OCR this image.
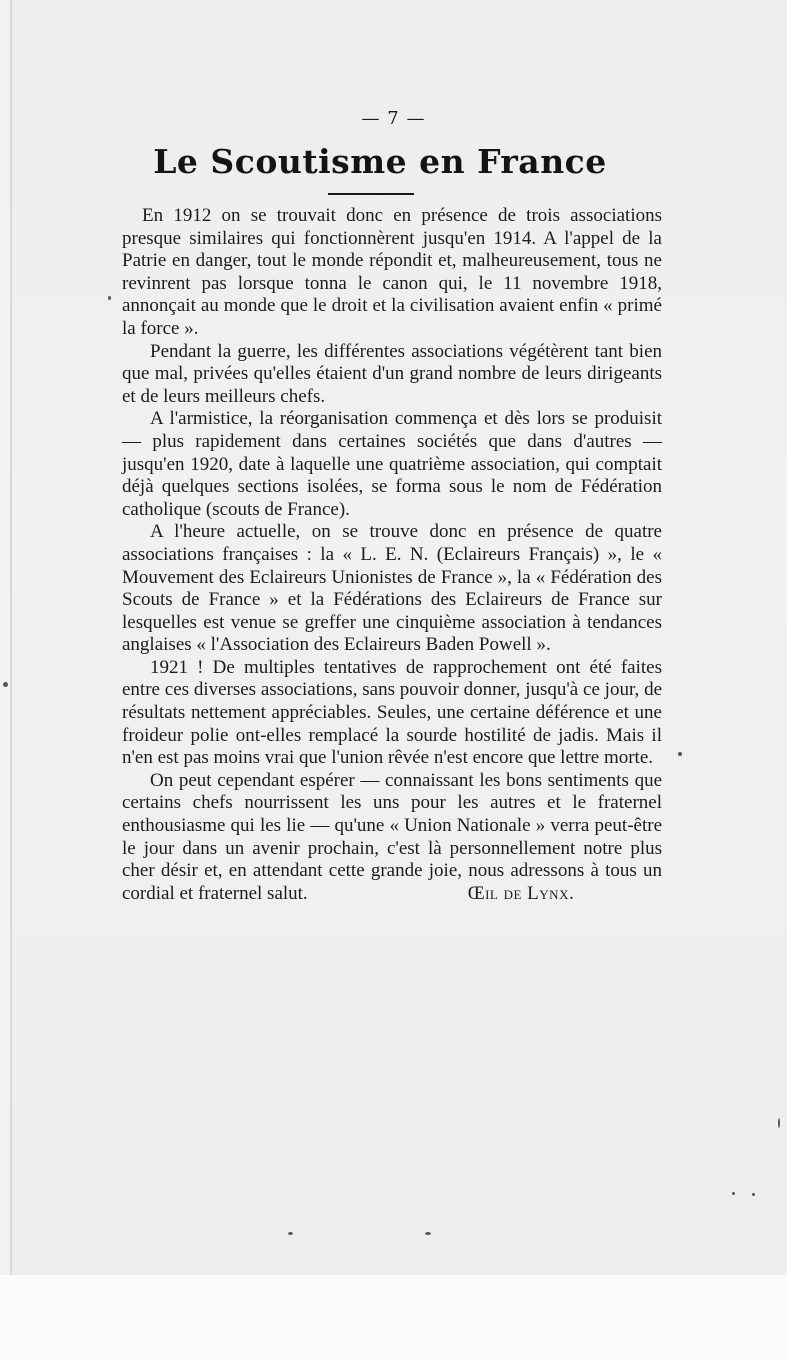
— 7 —
Le Scoutisme en France

En 1912 on se trouvait donc en présence de trois associations presque similaires qui fonctionnèrent jusqu'en 1914. A l'appel de la Patrie en danger, tout le monde répondit et, malheureusement, tous ne revinrent pas lorsque tonna le canon qui, le 11 novembre 1918, annonçait au monde que le droit et la civilisation avaient enfin « primé la force ».

Pendant la guerre, les différentes associations végétèrent tant bien que mal, privées qu'elles étaient d'un grand nombre de leurs dirigeants et de leurs meilleurs chefs.

A l'armistice, la réorganisation commença et dès lors se produisit — plus rapidement dans certaines sociétés que dans d'autres — jusqu'en 1920, date à laquelle une quatrième association, qui comptait déjà quelques sections isolées, se forma sous le nom de Fédération catholique (scouts de France).

A l'heure actuelle, on se trouve donc en présence de quatre associations françaises : la « L. E. N. (Eclaireurs Français) », le « Mouvement des Eclaireurs Unionistes de France », la « Fédération des Scouts de France » et la Fédérations des Eclaireurs de France sur lesquelles est venue se greffer une cinquième association à tendances anglaises « l'Association des Eclaireurs Baden Powell ».

1921 ! De multiples tentatives de rapprochement ont été faites entre ces diverses associations, sans pouvoir donner, jusqu'à ce jour, de résultats nettement appréciables. Seules, une certaine déférence et une froideur polie ont-elles remplacé la sourde hostilité de jadis. Mais il n'en est pas moins vrai que l'union rêvée n'est encore que lettre morte.

On peut cependant espérer — connaissant les bons sentiments que certains chefs nourrissent les uns pour les autres et le fraternel enthousiasme qui les lie — qu'une « Union Nationale » verra peut-être le jour dans un avenir prochain, c'est là personnellement notre plus cher désir et, en attendant cette grande joie, nous adressons à tous un cordial et fraternel salut.	Œil de Lynx.
